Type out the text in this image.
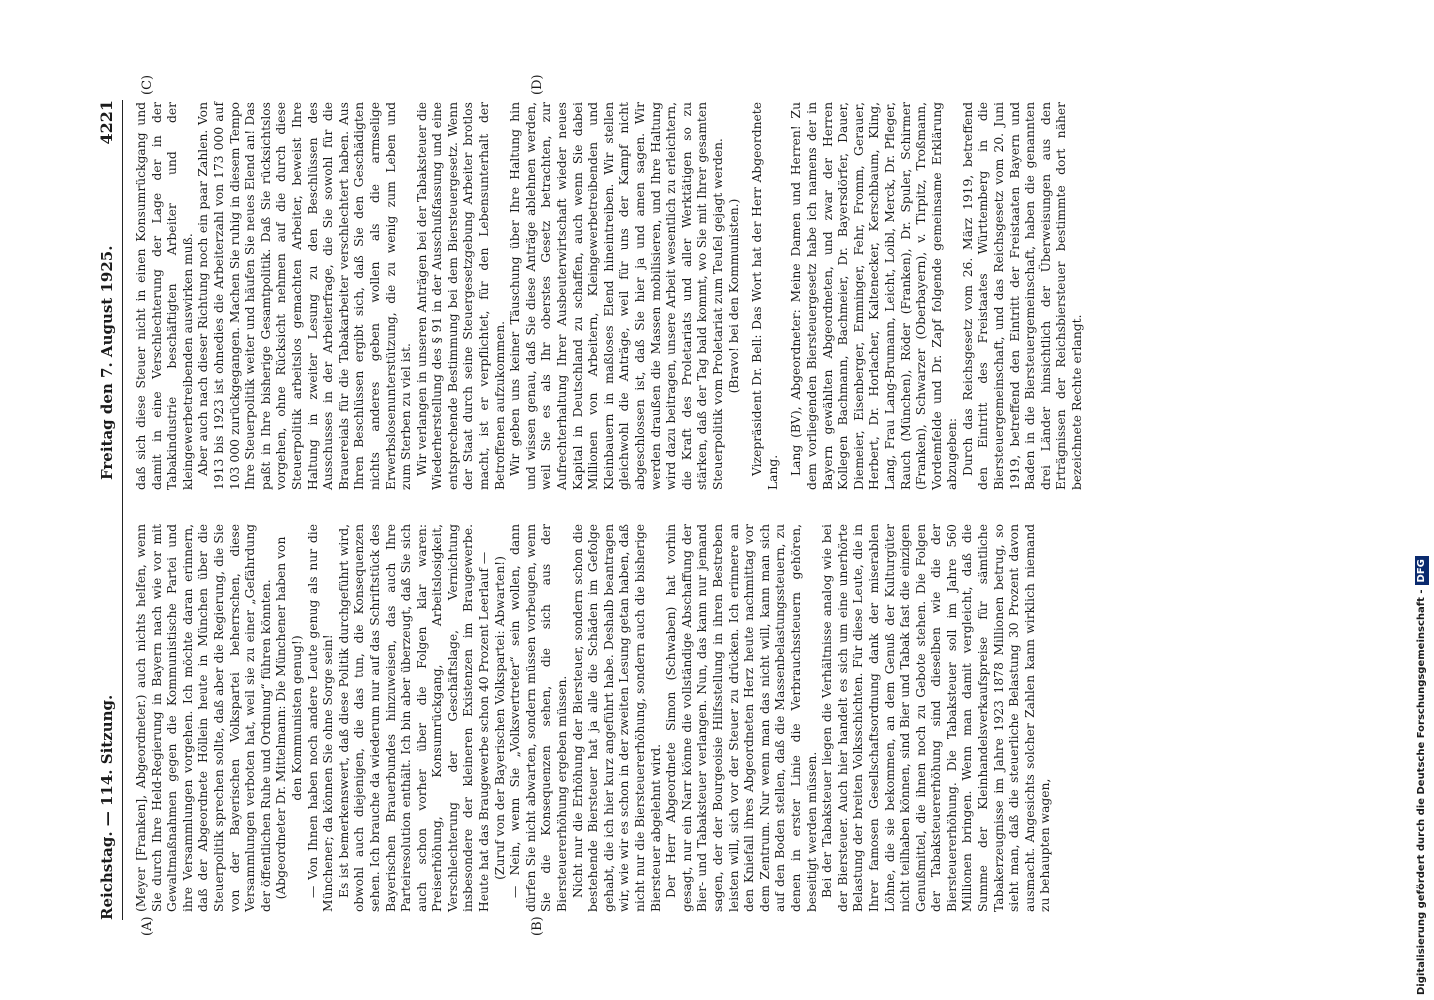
Reichstag. — 114. Sitzung.
Freitag den 7. August 1925.
4221
(A)	(B)
(C)	(D)

(Meyer [Franken], Abgeordneter.) auch nichts helfen, wenn Sie durch Ihre Held-Regierung in Bayern nach wie vor mit Gewaltmaßnahmen gegen die Kommunistische Partei und ihre Versammlungen vorgehen. Ich möchte daran erinnern, daß der Abgeordnete Höllein heute in München über die Steuerpolitik sprechen sollte, daß aber die Regierung, die Sie von der Bayerischen Volkspartei beherrschen, diese Versammlungen verboten hat, weil sie zu einer „Gefährdung der öffentlichen Ruhe und Ordnung“ führen könnten. (Abgeordneter Dr. Mittelmann: Die Münchener haben von den Kommunisten genug!) — Von Ihnen haben noch andere Leute genug als nur die Münchener; da können Sie ohne Sorge sein! Es ist bemerkenswert, daß diese Politik durchgeführt wird, obwohl auch diejenigen, die das tun, die Konsequenzen sehen. Ich brauche da wiederum nur auf das Schriftstück des Bayerischen Brauerbundes hinzuweisen, das auch Ihre Parteiresolution enthält. Ich bin aber überzeugt, daß Sie sich auch schon vorher über die Folgen klar waren: Preiserhöhung, Konsumrückgang, Arbeitslosigkeit, Verschlechterung der Geschäftslage, Vernichtung insbesondere der kleineren Existenzen im Braugewerbe. Heute hat das Braugewerbe schon 40 Prozent Leerlauf — (Zuruf von der Bayerischen Volkspartei: Abwarten!) — Nein, wenn Sie „Volksvertreter“ sein wollen, dann dürfen Sie nicht abwarten, sondern müssen vorbeugen, wenn Sie die Konsequenzen sehen, die sich aus der Biersteuererhöhung ergeben müssen. Nicht nur die Erhöhung der Biersteuer, sondern schon die bestehende Biersteuer hat ja alle die Schäden im Gefolge gehabt, die ich hier kurz angeführt habe. Deshalb beantragen wir, wie wir es schon in der zweiten Lesung getan haben, daß nicht nur die Biersteuererhöhung, sondern auch die bisherige Biersteuer abgelehnt wird. Der Herr Abgeordnete Simon (Schwaben) hat vorhin gesagt, nur ein Narr könne die vollständige Abschaffung der Bier- und Tabaksteuer verlangen. Nun, das kann nur jemand sagen, der der Bourgeoisie Hilfsstellung in ihren Bestreben leisten will, sich vor der Steuer zu drücken. Ich erinnere an den Kniefall ihres Abgeordneten Herz heute nachmittag vor dem Zentrum. Nur wenn man das nicht will, kann man sich auf den Boden stellen, daß die Massenbelastungssteuern, zu denen in erster Linie die Verbrauchssteuern gehören, beseitigt werden müssen. Bei der Tabaksteuer liegen die Verhältnisse analog wie bei der Biersteuer. Auch hier handelt es sich um eine unerhörte Belastung der breiten Volksschichten. Für diese Leute, die in Ihrer famosen Gesellschaftsordnung dank der miserablen Löhne, die sie bekommen, an dem Genuß der Kulturgüter nicht teilhaben können, sind Bier und Tabak fast die einzigen Genußmittel, die ihnen noch zu Gebote stehen. Die Folgen der Tabaksteuererhöhung sind dieselben wie die der Biersteuererhöhung. Die Tabaksteuer soll im Jahre 560 Millionen bringen. Wenn man damit vergleicht, daß die Summe der Kleinhandelsverkaufspreise für sämtliche Tabakerzeugnisse im Jahre 1923 1878 Millionen betrug, so sieht man, daß die steuerliche Belastung 30 Prozent davon ausmacht. Angesichts solcher Zahlen kann wirklich niemand zu behaupten wagen,

daß sich diese Steuer nicht in einen Konsumrückgang und damit in eine Verschlechterung der Lage der in der Tabakindustrie beschäftigten Arbeiter und der kleingewerbetreibenden auswirken muß. Aber auch nach dieser Richtung noch ein paar Zahlen. Von 1913 bis 1923 ist ohnedies die Arbeiterzahl von 173 000 auf 103 000 zurückgegangen. Machen Sie ruhig in diesem Tempo Ihre Steuerpolitik weiter und häufen Sie neues Elend an! Das paßt in Ihre bisherige Gesamtpolitik. Daß Sie rücksichtslos vorgehen, ohne Rücksicht nehmen auf die durch diese Steuerpolitik arbeitslos gemachten Arbeiter, beweist Ihre Haltung in zweiter Lesung zu den Beschlüssen des Ausschusses in der Arbeiterfrage, die Sie sowohl für die Brauereials für die Tabakarbeiter verschlechtert haben. Aus Ihren Beschlüssen ergibt sich, daß Sie den Geschädigten nichts anderes geben wollen als die armselige Erwerbslosenunterstützung, die zu wenig zum Leben und zum Sterben zu viel ist. Wir verlangen in unseren Anträgen bei der Tabaksteuer die Wiederherstellung des § 91 in der Ausschußfassung und eine entsprechende Bestimmung bei dem Biersteuergesetz. Wenn der Staat durch seine Steuergesetzgebung Arbeiter brotlos macht, ist er verpflichtet, für den Lebensunterhalt der Betroffenen aufzukommen. Wir geben uns keiner Täuschung über Ihre Haltung hin und wissen genau, daß Sie diese Anträge ablehnen werden, weil Sie es als Ihr oberstes Gesetz betrachten, zur Aufrechterhaltung Ihrer Ausbeuterwirtschaft wieder neues Kapital in Deutschland zu schaffen, auch wenn Sie dabei Millionen von Arbeitern, Kleingewerbetreibenden und Kleinbauern in maßloses Elend hineintreiben. Wir stellen gleichwohl die Anträge, weil für uns der Kampf nicht abgeschlossen ist, daß Sie hier ja und amen sagen. Wir werden draußen die Massen mobilisieren, und Ihre Haltung wird dazu beitragen, unsere Arbeit wesentlich zu erleichtern, die Kraft des Proletariats und aller Werktätigen so zu stärken, daß der Tag bald kommt, wo Sie mit Ihrer gesamten Steuerpolitik vom Proletariat zum Teufel gejagt werden. (Bravo! bei den Kommunisten.) Vizepräsident Dr. Bell: Das Wort hat der Herr Abgeordnete Lang. Lang (BV), Abgeordneter: Meine Damen und Herren! Zu dem vorliegenden Biersteuergesetz habe ich namens der in Bayern gewählten Abgeordneten, und zwar der Herren Kollegen Bachmann, Bachmeier, Dr. Bayersdörfer, Dauer, Diemeier, Eisenberger, Emminger, Fehr, Fromm, Gerauer, Herbert, Dr. Horlacher, Kaltenecker, Kerschbaum, Kling, Lang, Frau Lang-Brumann, Leicht, Loibl, Merck, Dr. Pfleger, Rauch (München), Röder (Franken), Dr. Spuler, Schirmer (Franken), Schwarzer (Oberbayern), v. Tirpitz, Troßmann, Vordemfelde und Dr. Zapf folgende gemeinsame Erklärung abzugeben: Durch das Reichsgesetz vom 26. März 1919, betreffend den Eintritt des Freistaates Württemberg in die Biersteuergemeinschaft, und das Reichsgesetz vom 20. Juni 1919, betreffend den Eintritt der Freistaaten Bayern und Baden in die Biersteuergemeinschaft, haben die genannten drei Länder hinsichtlich der Überweisungen aus den Erträgnissen der Reichsbiersteuer bestimmte dort näher bezeichnete Rechte erlangt.

Digitalisierung gefördert durch die Deutsche Forschungsgemeinschaft -DFG
